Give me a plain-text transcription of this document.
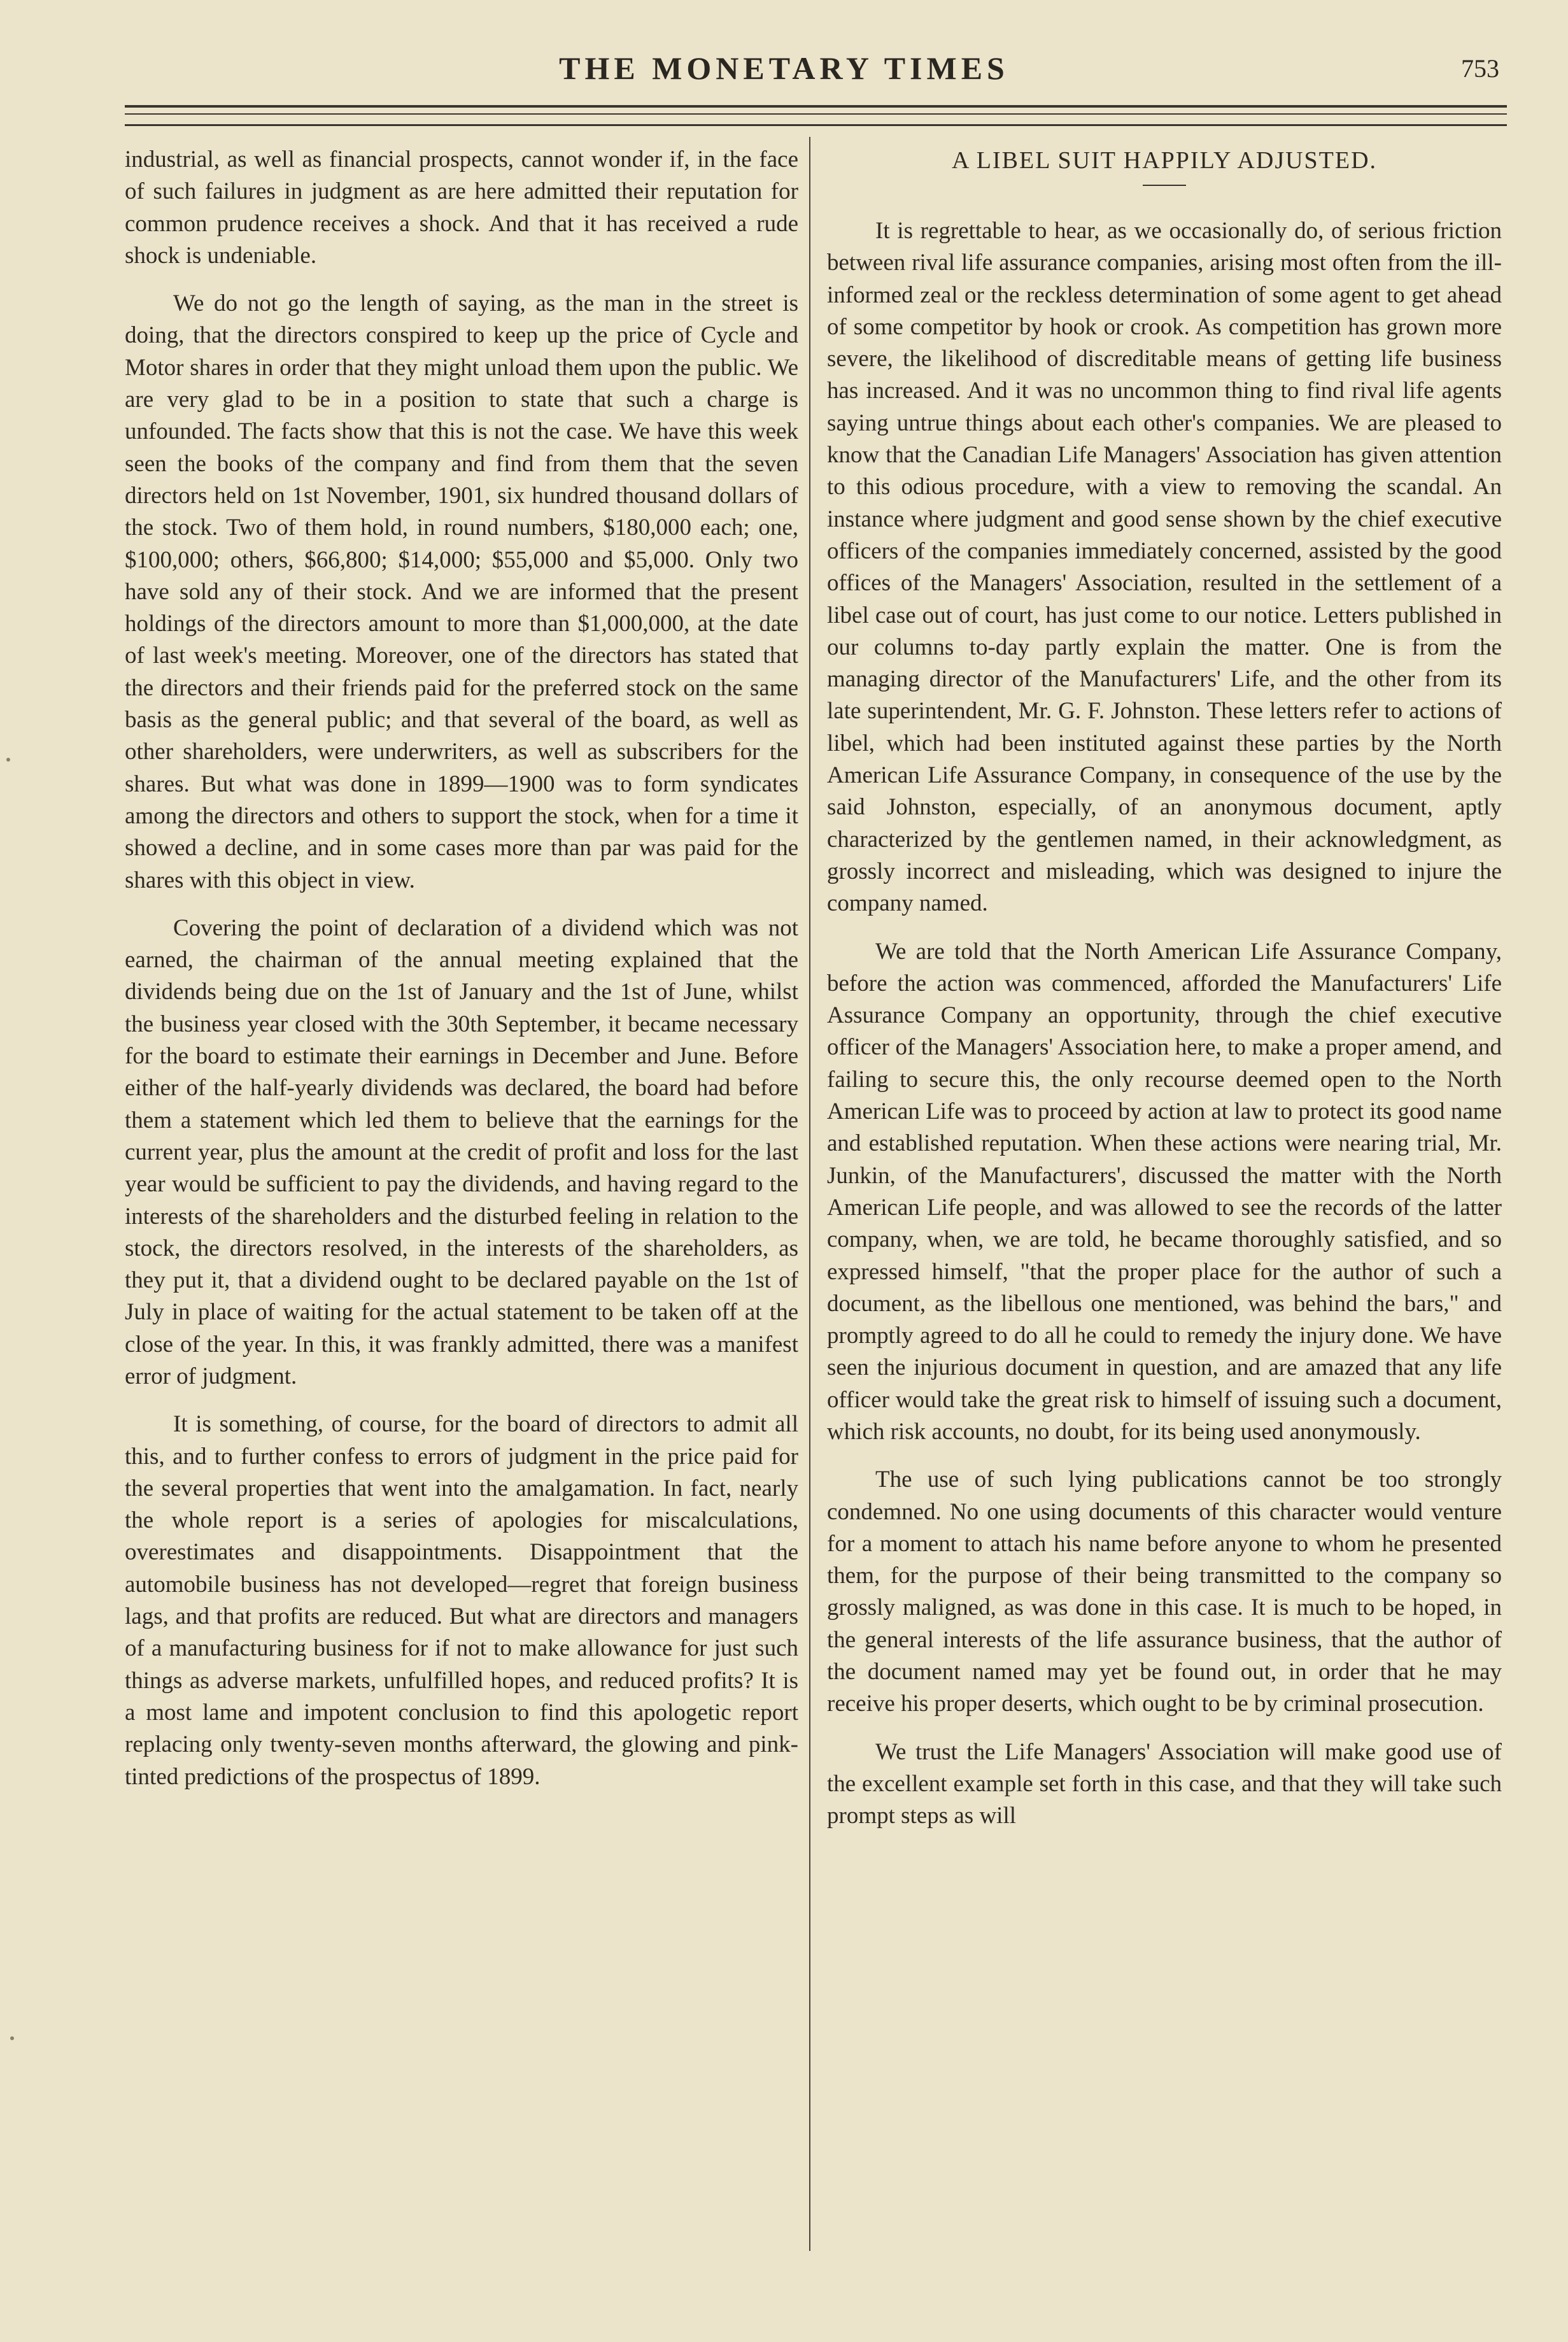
THE MONETARY TIMES	753

industrial, as well as financial prospects, cannot wonder if, in the face of such failures in judgment as are here admitted their reputation for common prudence receives a shock. And that it has received a rude shock is undeniable.

We do not go the length of saying, as the man in the street is doing, that the directors conspired to keep up the price of Cycle and Motor shares in order that they might unload them upon the public. We are very glad to be in a position to state that such a charge is unfounded. The facts show that this is not the case. We have this week seen the books of the company and find from them that the seven directors held on 1st November, 1901, six hundred thousand dollars of the stock. Two of them hold, in round numbers, $180,000 each; one, $100,000; others, $66,800; $14,000; $55,000 and $5,000. Only two have sold any of their stock. And we are informed that the present holdings of the directors amount to more than $1,000,000, at the date of last week's meeting. Moreover, one of the directors has stated that the directors and their friends paid for the preferred stock on the same basis as the general public; and that several of the board, as well as other shareholders, were underwriters, as well as subscribers for the shares. But what was done in 1899—1900 was to form syndicates among the directors and others to support the stock, when for a time it showed a decline, and in some cases more than par was paid for the shares with this object in view.

Covering the point of declaration of a dividend which was not earned, the chairman of the annual meeting explained that the dividends being due on the 1st of January and the 1st of June, whilst the business year closed with the 30th September, it became necessary for the board to estimate their earnings in December and June. Before either of the half-yearly dividends was declared, the board had before them a statement which led them to believe that the earnings for the current year, plus the amount at the credit of profit and loss for the last year would be sufficient to pay the dividends, and having regard to the interests of the shareholders and the disturbed feeling in relation to the stock, the directors resolved, in the interests of the shareholders, as they put it, that a dividend ought to be declared payable on the 1st of July in place of waiting for the actual statement to be taken off at the close of the year. In this, it was frankly admitted, there was a manifest error of judgment.

It is something, of course, for the board of directors to admit all this, and to further confess to errors of judgment in the price paid for the several properties that went into the amalgamation. In fact, nearly the whole report is a series of apologies for miscalculations, overestimates and disappointments. Disappointment that the automobile business has not developed—regret that foreign business lags, and that profits are reduced. But what are directors and managers of a manufacturing business for if not to make allowance for just such things as adverse markets, unfulfilled hopes, and reduced profits? It is a most lame and impotent conclusion to find this apologetic report replacing only twenty-seven months afterward, the glowing and pink-tinted predictions of the prospectus of 1899.

A LIBEL SUIT HAPPILY ADJUSTED.

It is regrettable to hear, as we occasionally do, of serious friction between rival life assurance companies, arising most often from the ill-informed zeal or the reckless determination of some agent to get ahead of some competitor by hook or crook. As competition has grown more severe, the likelihood of discreditable means of getting life business has increased. And it was no uncommon thing to find rival life agents saying untrue things about each other's companies. We are pleased to know that the Canadian Life Managers' Association has given attention to this odious procedure, with a view to removing the scandal. An instance where judgment and good sense shown by the chief executive officers of the companies immediately concerned, assisted by the good offices of the Managers' Association, resulted in the settlement of a libel case out of court, has just come to our notice. Letters published in our columns to-day partly explain the matter. One is from the managing director of the Manufacturers' Life, and the other from its late superintendent, Mr. G. F. Johnston. These letters refer to actions of libel, which had been instituted against these parties by the North American Life Assurance Company, in consequence of the use by the said Johnston, especially, of an anonymous document, aptly characterized by the gentlemen named, in their acknowledgment, as grossly incorrect and misleading, which was designed to injure the company named.

We are told that the North American Life Assurance Company, before the action was commenced, afforded the Manufacturers' Life Assurance Company an opportunity, through the chief executive officer of the Managers' Association here, to make a proper amend, and failing to secure this, the only recourse deemed open to the North American Life was to proceed by action at law to protect its good name and established reputation. When these actions were nearing trial, Mr. Junkin, of the Manufacturers', discussed the matter with the North American Life people, and was allowed to see the records of the latter company, when, we are told, he became thoroughly satisfied, and so expressed himself, "that the proper place for the author of such a document, as the libellous one mentioned, was behind the bars," and promptly agreed to do all he could to remedy the injury done. We have seen the injurious document in question, and are amazed that any life officer would take the great risk to himself of issuing such a document, which risk accounts, no doubt, for its being used anonymously.

The use of such lying publications cannot be too strongly condemned. No one using documents of this character would venture for a moment to attach his name before anyone to whom he presented them, for the purpose of their being transmitted to the company so grossly maligned, as was done in this case. It is much to be hoped, in the general interests of the life assurance business, that the author of the document named may yet be found out, in order that he may receive his proper deserts, which ought to be by criminal prosecution.

We trust the Life Managers' Association will make good use of the excellent example set forth in this case, and that they will take such prompt steps as will
